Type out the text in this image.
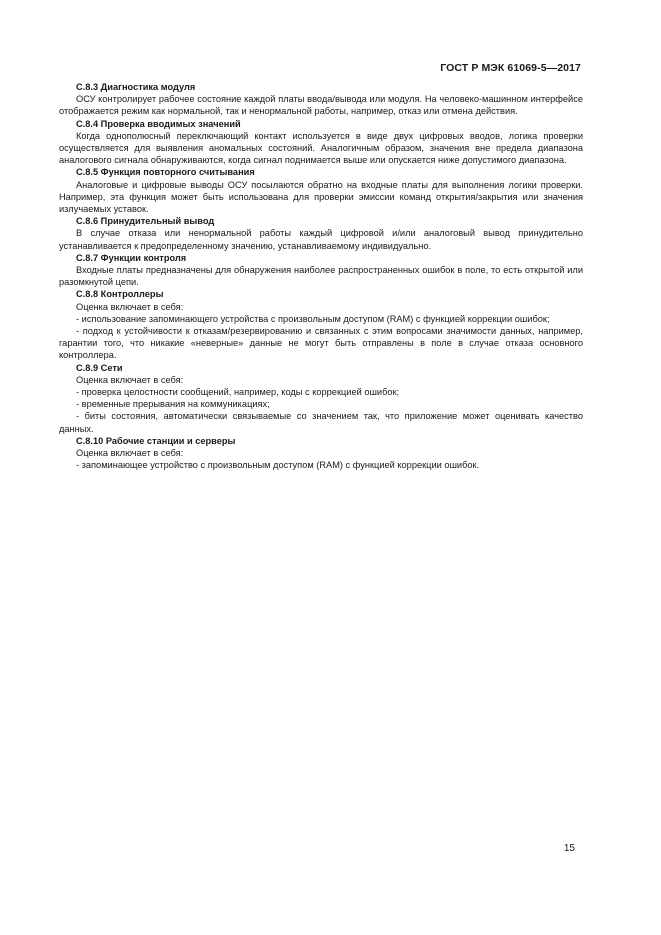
ГОСТ Р МЭК 61069-5—2017

С.8.3 Диагностика модуля

ОСУ контролирует рабочее состояние каждой платы ввода/вывода или модуля. На человеко-машинном интерфейсе отображается режим как нормальной, так и ненормальной работы, например, отказ или отмена действия.

С.8.4 Проверка вводимых значений

Когда однополюсный переключающий контакт используется в виде двух цифровых вводов, логика проверки осуществляется для выявления аномальных состояний. Аналогичным образом, значения вне предела диапазона аналогового сигнала обнаруживаются, когда сигнал поднимается выше или опускается ниже допустимого диапазона.

С.8.5 Функция повторного считывания

Аналоговые и цифровые выводы ОСУ посылаются обратно на входные платы для выполнения логики проверки. Например, эта функция может быть использована для проверки эмиссии команд открытия/закрытия или значения излучаемых уставок.

С.8.6 Принудительный вывод

В случае отказа или ненормальной работы каждый цифровой и/или аналоговый вывод принудительно устанавливается к предопределенному значению, устанавливаемому индивидуально.

С.8.7 Функции контроля

Входные платы предназначены для обнаружения наиболее распространенных ошибок в поле, то есть открытой или разомкнутой цепи.

С.8.8 Контроллеры

Оценка включает в себя:

- использование запоминающего устройства с произвольным доступом (RAM) с функцией коррекции ошибок;

- подход к устойчивости к отказам/резервированию и связанных с этим вопросами значимости данных, например, гарантии того, что никакие «неверные» данные не могут быть отправлены в поле в случае отказа основного контроллера.

С.8.9 Сети

Оценка включает в себя:

- проверка целостности сообщений, например, коды с коррекцией ошибок;

- временные прерывания на коммуникациях;

- биты состояния, автоматически связываемые со значением так, что приложение может оценивать качество данных.

С.8.10 Рабочие станции и серверы

Оценка включает в себя:

- запоминающее устройство с произвольным доступом (RAM) с функцией коррекции ошибок.

15
